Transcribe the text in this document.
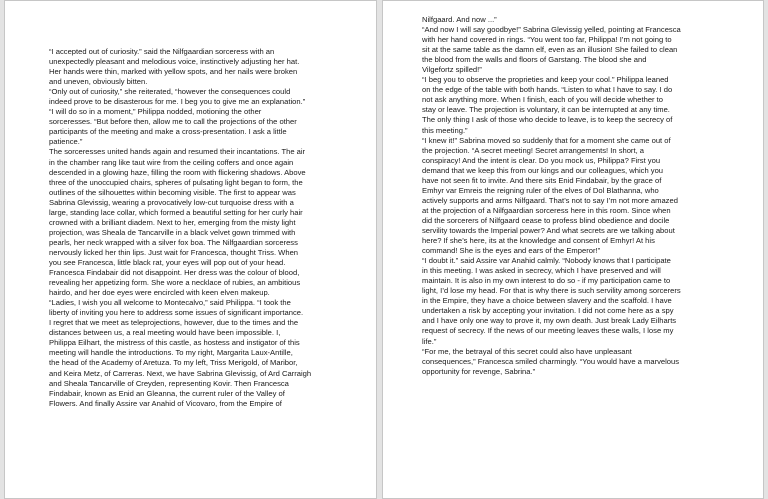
“I accepted out of curiosity.” said the Nilfgaardian sorceress with an
unexpectedly pleasant and melodious voice, instinctively adjusting her hat.
Her hands were thin, marked with yellow spots, and her nails were broken
and uneven, obviously bitten.
“Only out of curiosity,” she reiterated, “however the consequences could
indeed prove to be disasterous for me. I beg you to give me an explanation.”
“I will do so in a moment,” Philippa nodded, motioning the other
sorceresses. “But before then, allow me to call the projections of the other
participants of the meeting and make a cross-presentation. I ask a little
patience.”
The sorceresses united hands again and resumed their incantations. The air
in the chamber rang like taut wire from the ceiling coffers and once again
descended in a glowing haze, filling the room with flickering shadows. Above
three of the unoccupied chairs, spheres of pulsating light began to form, the
outlines of the silhouettes within becoming visible. The first to appear was
Sabrina Glevissig, wearing a provocatively low-cut turquoise dress with a
large, standing lace collar, which formed a beautiful setting for her curly hair
crowned with a brilliant diadem. Next to her, emerging from the misty light
projection, was Sheala de Tancarville in a black velvet gown trimmed with
pearls, her neck wrapped with a silver fox boa. The Nilfgaardian sorceress
nervously licked her thin lips. Just wait for Francesca, thought Triss. When
you see Francesca, little black rat, your eyes will pop out of your head.
Francesca Findabair did not disappoint. Her dress was the colour of blood,
revealing her appetizing form. She wore a necklace of rubies, an ambitious
hairdo, and her doe eyes were encircled with keen elven makeup.
“Ladies, I wish you all welcome to Montecalvo,” said Philippa. “I took the
liberty of inviting you here to address some issues of significant importance.
I regret that we meet as teleprojections, however, due to the times and the
distances between us, a real meeting would have been impossible. I,
Philippa Eilhart, the mistress of this castle, as hostess and instigator of this
meeting will handle the introductions. To my right, Margarita Laux-Antille,
the head of the Academy of Aretuza. To my left, Triss Merigold, of Maribor,
and Keira Metz, of Carreras. Next, we have Sabrina Glevissig, of Ard Carraigh
and Sheala Tancarville of Creyden, representing Kovir. Then Francesca
Findabair, known as Enid an Gleanna, the current ruler of the Valley of
Flowers. And finally Assire var Anahid of Vicovaro, from the Empire of
Nilfgaard. And now ...”
“And now I will say goodbye!” Sabrina Glevissig yelled, pointing at Francesca
with her hand covered in rings. “You went too far, Philippa! I’m not going to
sit at the same table as the damn elf, even as an illusion! She failed to clean
the blood from the walls and floors of Garstang. The blood she and
Vilgefortz spilled!”
“I beg you to observe the proprieties and keep your cool.” Philippa leaned
on the edge of the table with both hands. “Listen to what I have to say. I do
not ask anything more. When I finish, each of you will decide whether to
stay or leave. The projection is voluntary, it can be interrupted at any time.
The only thing I ask of those who decide to leave, is to keep the secrecy of
this meeting.”
“I knew it!” Sabrina moved so suddenly that for a moment she came out of
the projection. “A secret meeting! Secret arrangements! In short, a
conspiracy! And the intent is clear. Do you mock us, Philippa? First you
demand that we keep this from our kings and our colleagues, which you
have not seen fit to invite. And there sits Enid Findabair, by the grace of
Emhyr var Emreis the reigning ruler of the elves of Dol Blathanna, who
actively supports and arms Nilfgaard. That’s not to say I’m not more amazed
at the projection of a Nilfgaardian sorceress here in this room. Since when
did the sorcerers of Nilfgaard cease to profess blind obedience and docile
servility towards the Imperial power? And what secrets are we talking about
here? If she’s here, its at the knowledge and consent of Emhyr! At his
command! She is the eyes and ears of the Emperor!”
“I doubt it.” said Assire var Anahid calmly. “Nobody knows that I participate
in this meeting. I was asked in secrecy, which I have preserved and will
maintain. It is also in my own interest to do so - if my participation came to
light, I’d lose my head. For that is why there is such servility among sorcerers
in the Empire, they have a choice between slavery and the scaffold. I have
undertaken a risk by accepting your invitation. I did not come here as a spy
and I have only one way to prove it, my own death. Just break Lady Eilharts
request of secrecy. If the news of our meeting leaves these walls, I lose my
life.”
“For me, the betrayal of this secret could also have unpleasant
consequences,” Francesca smiled charmingly. “You would have a marvelous
opportunity for revenge, Sabrina.”
